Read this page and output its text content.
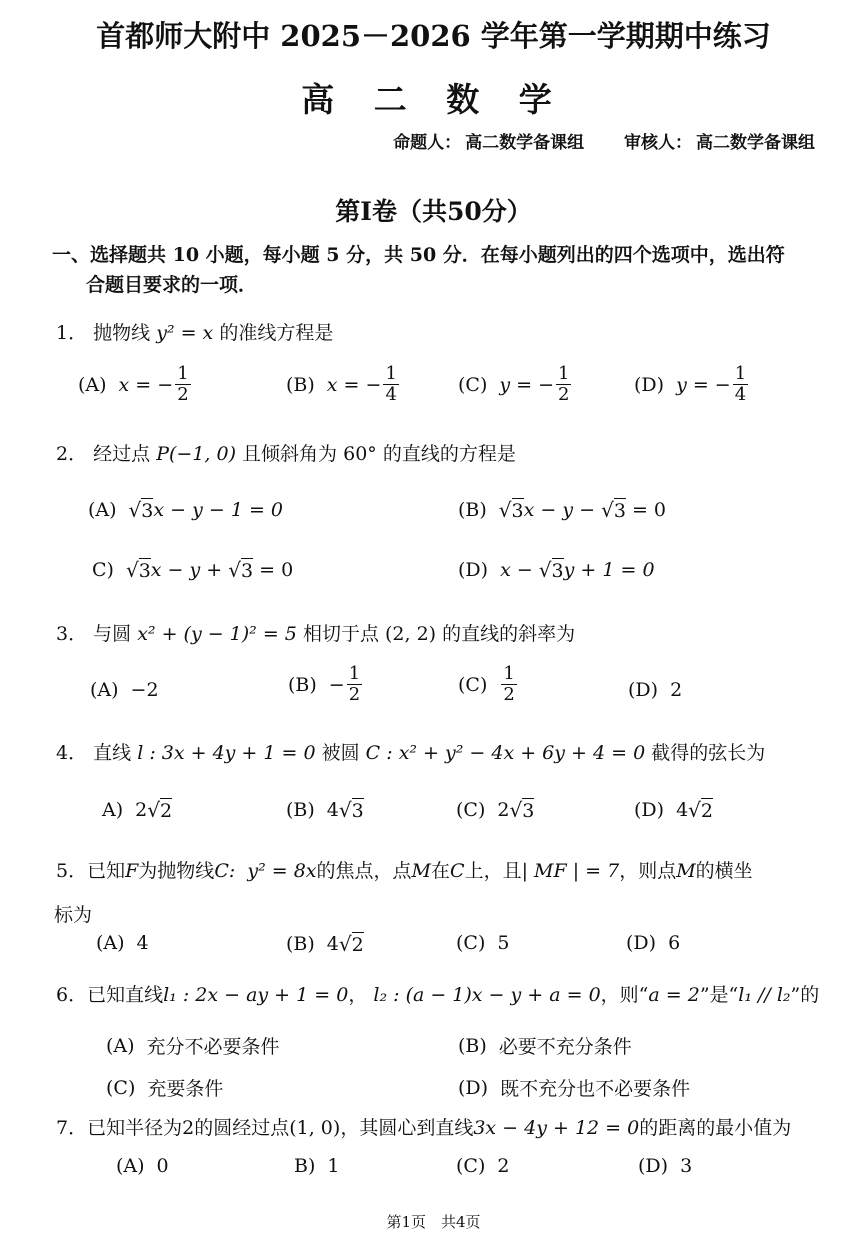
首都师大附中 2025－2026 学年第一学期期中练习
高 二 数 学
命题人： 高二数学备课组 审核人： 高二数学备课组
第I卷（共50分）
一、选择题共 10 小题，每小题 5 分，共 50 分．在每小题列出的四个选项中，选出符
合题目要求的一项．
1． 抛物线 y² = x 的准线方程是
(A) x = − $\frac{1}{2}$	(B) x = − $\frac{1}{4}$	(C) y = − $\frac{1}{2}$	(D) y = − $\frac{1}{4}$
2． 经过点 P(−1, 0) 且倾斜角为 60° 的直线的方程是
(A) √ 3 x − y − 1 = 0	(B) √ 3 x − y − √ 3 = 0
C) √ 3 x − y + √ 3 = 0	(D) x − √ 3 y + 1 = 0
3． 与圆 x² + (y − 1)² = 5 相切于点 (2, 2) 的直线的斜率为
(A) −2	$(B) - \frac{1}{2}$	$(C) \frac{1}{2}$	(D) 2
4． 直线 l : 3x + 4y + 1 = 0 被圆 C : x² + y² − 4x + 6y + 4 = 0 截得的弦长为
A) 2 √ 2	(B) 4 √ 3	(C) 2 √ 3	(D) 4 √ 2
5．已知F为抛物线C: y² = 8x的焦点，点M在C上，且| MF | = 7，则点M的横坐
标为
(A) 4	(B) 4 √ 2	(C) 5	(D) 6
6．已知直线l₁ : 2x − ay + 1 = 0， l₂ : (a − 1)x − y + a = 0，则“a = 2”是“l₁ // l₂”的
(A) 充分不必要条件	(B) 必要不充分条件
(C) 充要条件	(D) 既不充分也不必要条件
7．已知半径为2的圆经过点(1, 0)，其圆心到直线3x − 4y + 12 = 0的距离的最小值为
(A) 0	B) 1	(C) 2	(D) 3
第1页　共4页
